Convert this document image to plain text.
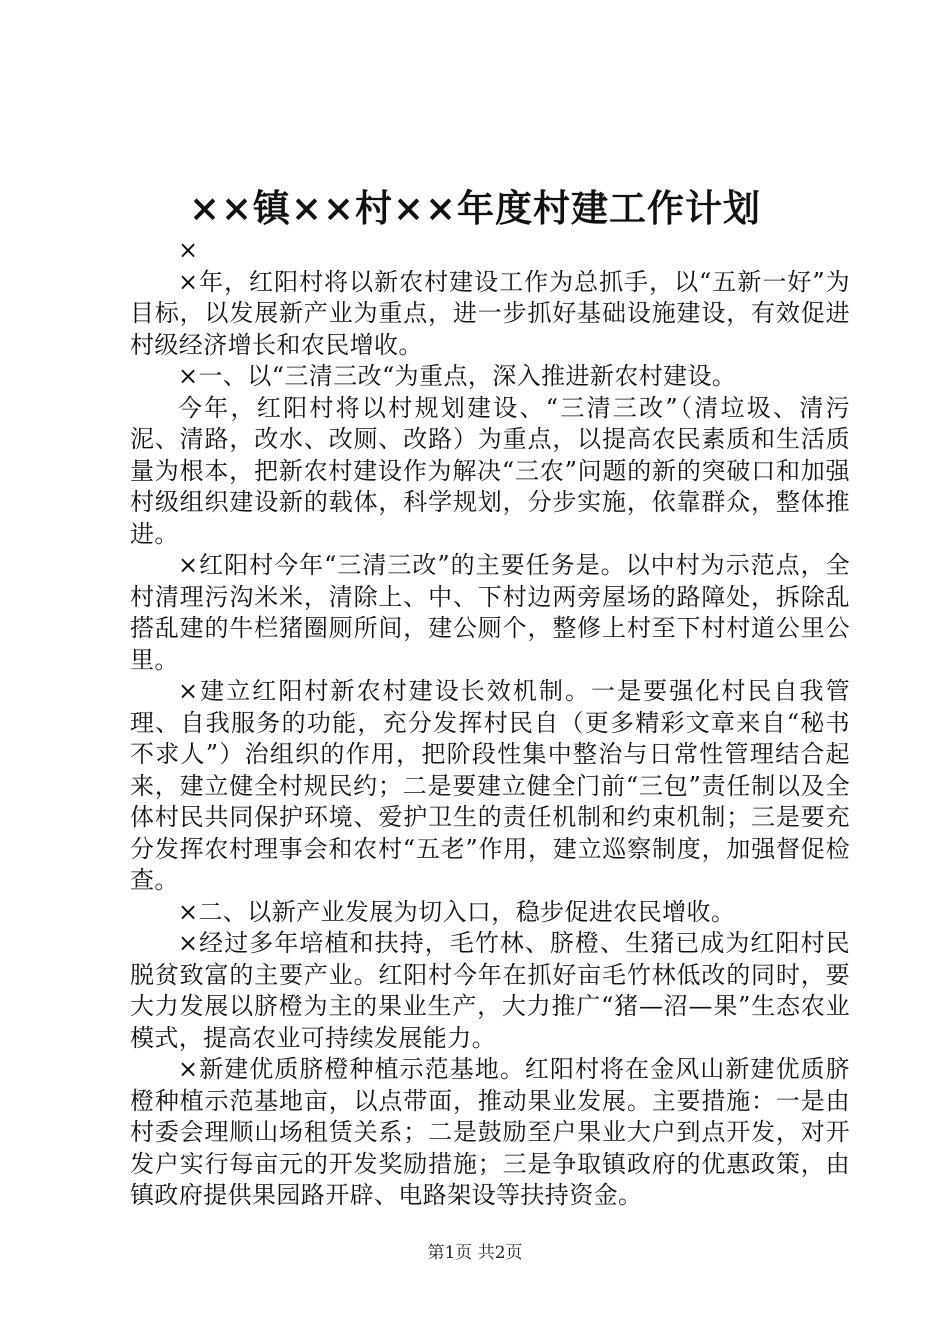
××镇××村××年度村建工作计划

×

×年，红阳村将以新农村建设工作为总抓手，以“五新一好”为目标，以发展新产业为重点，进一步抓好基础设施建设，有效促进村级经济增长和农民增收。

×一、以“三清三改“为重点，深入推进新农村建设。

今年，红阳村将以村规划建设、“三清三改”（清垃圾、清污泥、清路，改水、改厕、改路）为重点，以提高农民素质和生活质量为根本，把新农村建设作为解决“三农”问题的新的突破口和加强村级组织建设新的载体，科学规划，分步实施，依靠群众，整体推进。

×红阳村今年“三清三改”的主要任务是。以中村为示范点，全村清理污沟米米，清除上、中、下村边两旁屋场的路障处，拆除乱搭乱建的牛栏猪圈厕所间，建公厕个，整修上村至下村村道公里公里。

×建立红阳村新农村建设长效机制。一是要强化村民自我管理、自我服务的功能，充分发挥村民自（更多精彩文章来自“秘书不求人”）治组织的作用，把阶段性集中整治与日常性管理结合起来，建立健全村规民约；二是要建立健全门前“三包”责任制以及全体村民共同保护环境、爱护卫生的责任机制和约束机制；三是要充分发挥农村理事会和农村“五老”作用，建立巡察制度，加强督促检查。

×二、以新产业发展为切入口，稳步促进农民增收。

×经过多年培植和扶持，毛竹林、脐橙、生猪已成为红阳村民脱贫致富的主要产业。红阳村今年在抓好亩毛竹林低改的同时，要大力发展以脐橙为主的果业生产，大力推广“猪—沼—果”生态农业模式，提高农业可持续发展能力。

×新建优质脐橙种植示范基地。红阳村将在金风山新建优质脐橙种植示范基地亩，以点带面，推动果业发展。主要措施：一是由村委会理顺山场租赁关系；二是鼓励至户果业大户到点开发，对开发户实行每亩元的开发奖励措施；三是争取镇政府的优惠政策，由镇政府提供果园路开辟、电路架设等扶持资金。

第1页 共2页
